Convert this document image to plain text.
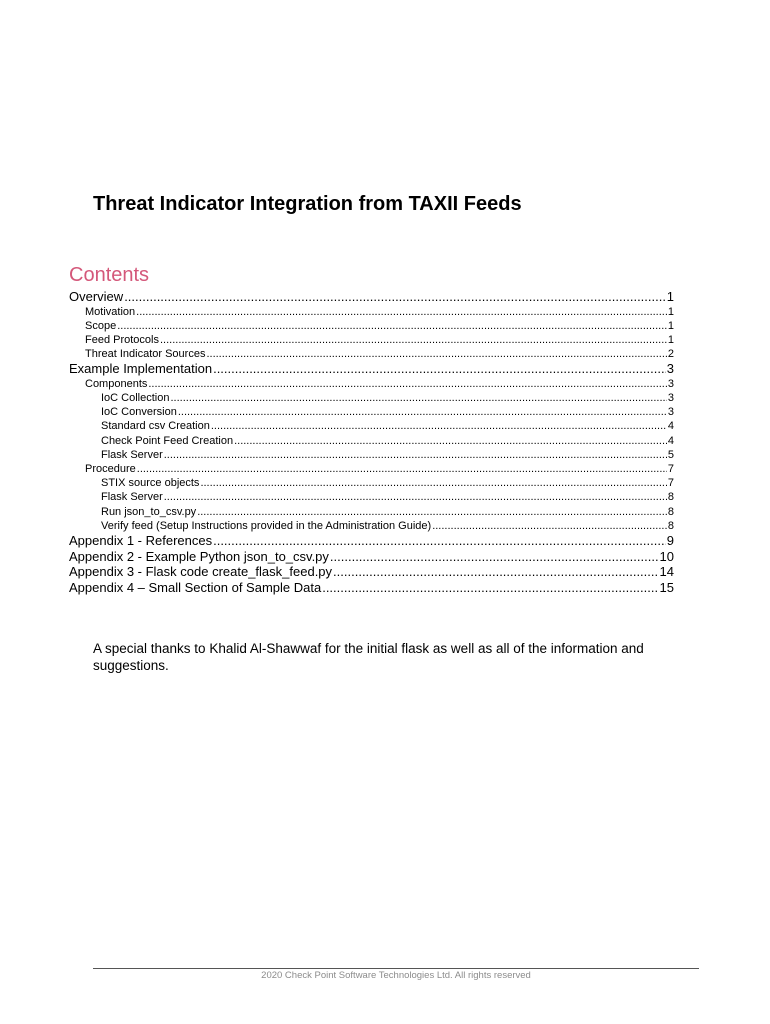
Threat Indicator Integration from TAXII Feeds
Contents
Overview .....	1
Motivation .....	1
Scope .....	1
Feed Protocols .....	1
Threat Indicator Sources .....	2
Example Implementation .....	3
Components .....	3
IoC Collection .....	3
IoC Conversion .....	3
Standard csv Creation .....	4
Check Point Feed Creation .....	4
Flask Server .....	5
Procedure .....	7
STIX source objects .....	7
Flask Server .....	8
Run json_to_csv.py .....	8
Verify feed (Setup Instructions provided in the Administration Guide) .....	8
Appendix 1 - References .....	9
Appendix 2 - Example Python json_to_csv.py .....	10
Appendix 3 - Flask code create_flask_feed.py .....	14
Appendix 4 – Small Section of Sample Data .....	15

A special thanks to Khalid Al-Shawwaf for the initial flask as well as all of the information and suggestions.

2020 Check Point Software Technologies Ltd. All rights reserved
